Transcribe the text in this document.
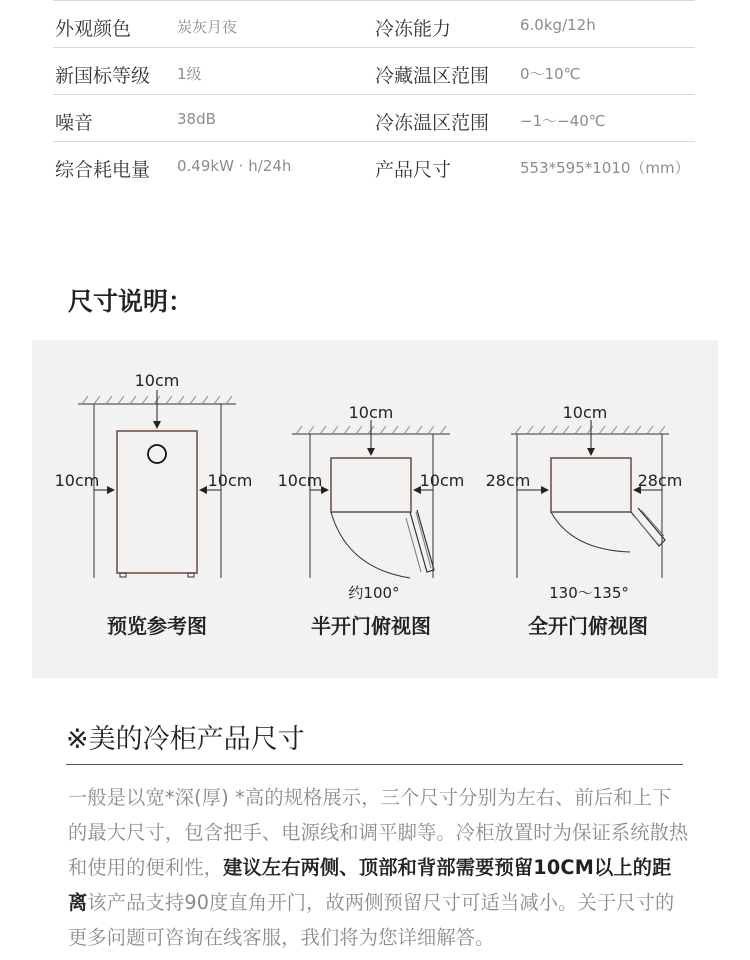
外观颜色	炭灰月夜	冷冻能力	6.0kg/12h
新国标等级 1级	冷藏温区范围 0～10℃
噪音	38dB	冷冻温区范围 −1～−40℃
综合耗电量 0.49kW · h/24h	产品尺寸	553*595*1010（mm）
尺寸说明：
10cm
10cm	10cm
10cm
10cm	10cm
约100°
10cm
28cm	28cm
130～135°
预览参考图	半开门俯视图	全开门俯视图
※美的冷柜产品尺寸
一般是以宽*深(厚) *高的规格展示，三个尺寸分别为左右、前后和上下的最大尺寸，包含把手、电源线和调平脚等。冷柜放置时为保证系统散热和使用的便利性，建议左右两侧、顶部和背部需要预留10CM以上的距离该产品支持90度直角开门，故两侧预留尺寸可适当减小。关于尺寸的更多问题可咨询在线客服，我们将为您详细解答。
